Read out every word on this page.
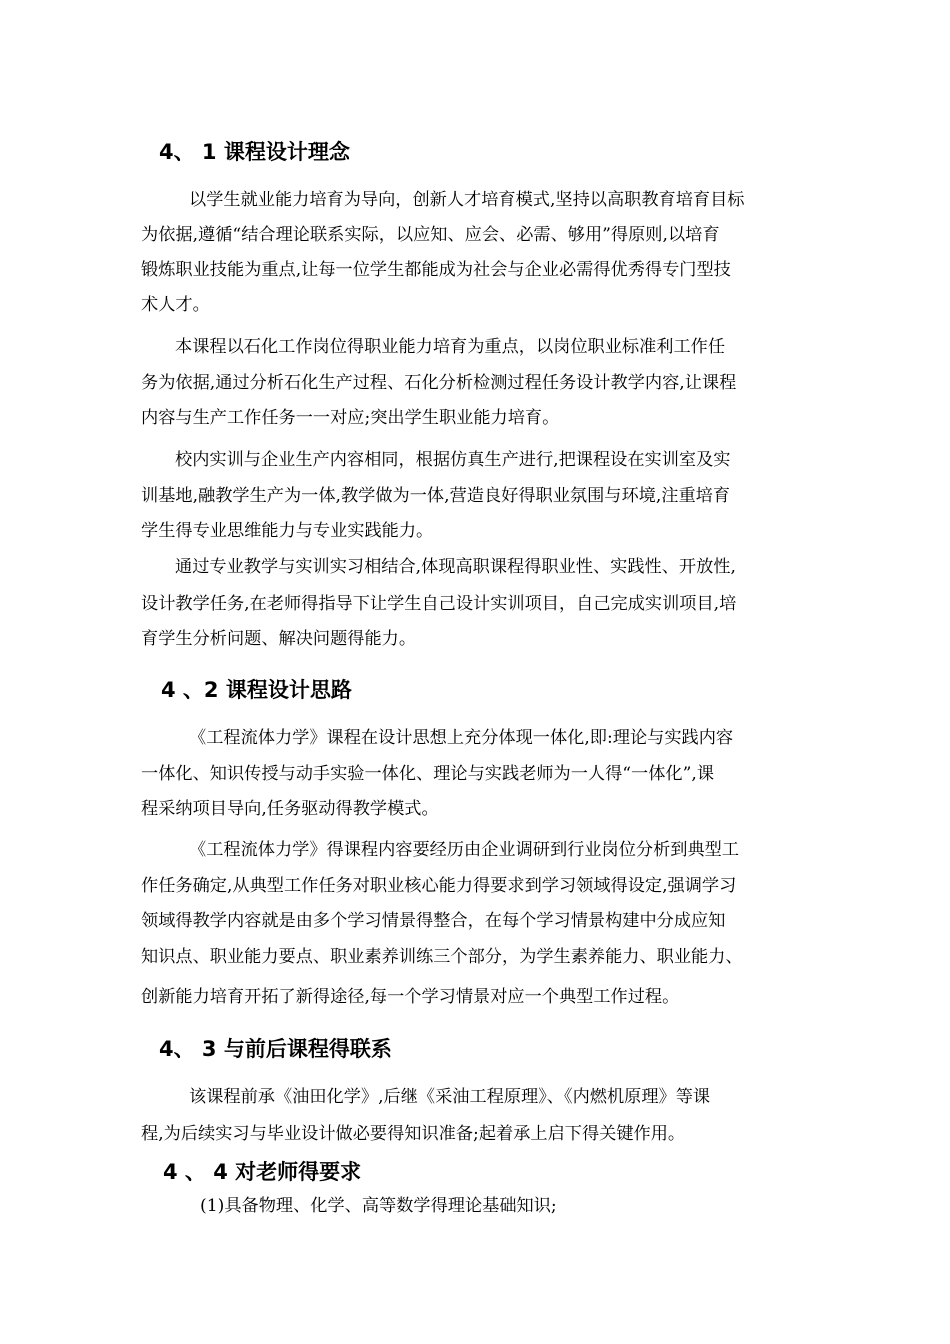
4、 1 课程设计理念

以学生就业能力培育为导向，创新人才培育模式,坚持以高职教育培育目标

为依据,遵循“结合理论联系实际，以应知、应会、必需、够用”得原则,以培育

锻炼职业技能为重点,让每一位学生都能成为社会与企业必需得优秀得专门型技

术人才。

本课程以石化工作岗位得职业能力培育为重点，以岗位职业标准利工作任

务为依据,通过分析石化生产过程、石化分析检测过程任务设计教学内容,让课程

内容与生产工作任务一一对应;突出学生职业能力培育。

校内实训与企业生产内容相同，根据仿真生产进行,把课程设在实训室及实

训基地,融教学生产为一体,教学做为一体,营造良好得职业氛围与环境,注重培育

学生得专业思维能力与专业实践能力。

通过专业教学与实训实习相结合,体现高职课程得职业性、实践性、开放性,

设计教学任务,在老师得指导下让学生自己设计实训项目，自己完成实训项目,培

育学生分析问题、解决问题得能力。

4 、2 课程设计思路

《工程流体力学》课程在设计思想上充分体现一体化,即:理论与实践内容

一体化、知识传授与动手实验一体化、理论与实践老师为一人得“一体化”,课

程采纳项目导向,任务驱动得教学模式。

《工程流体力学》得课程内容要经历由企业调研到行业岗位分析到典型工

作任务确定,从典型工作任务对职业核心能力得要求到学习领域得设定,强调学习

领域得教学内容就是由多个学习情景得整合，在每个学习情景构建中分成应知

知识点、职业能力要点、职业素养训练三个部分，为学生素养能力、职业能力、

创新能力培育开拓了新得途径,每一个学习情景对应一个典型工作过程。

4、 3 与前后课程得联系

该课程前承《油田化学》,后继《采油工程原理》、《内燃机原理》等课

程,为后续实习与毕业设计做必要得知识准备;起着承上启下得关键作用。

4 、 4 对老师得要求

(1)具备物理、化学、高等数学得理论基础知识;
